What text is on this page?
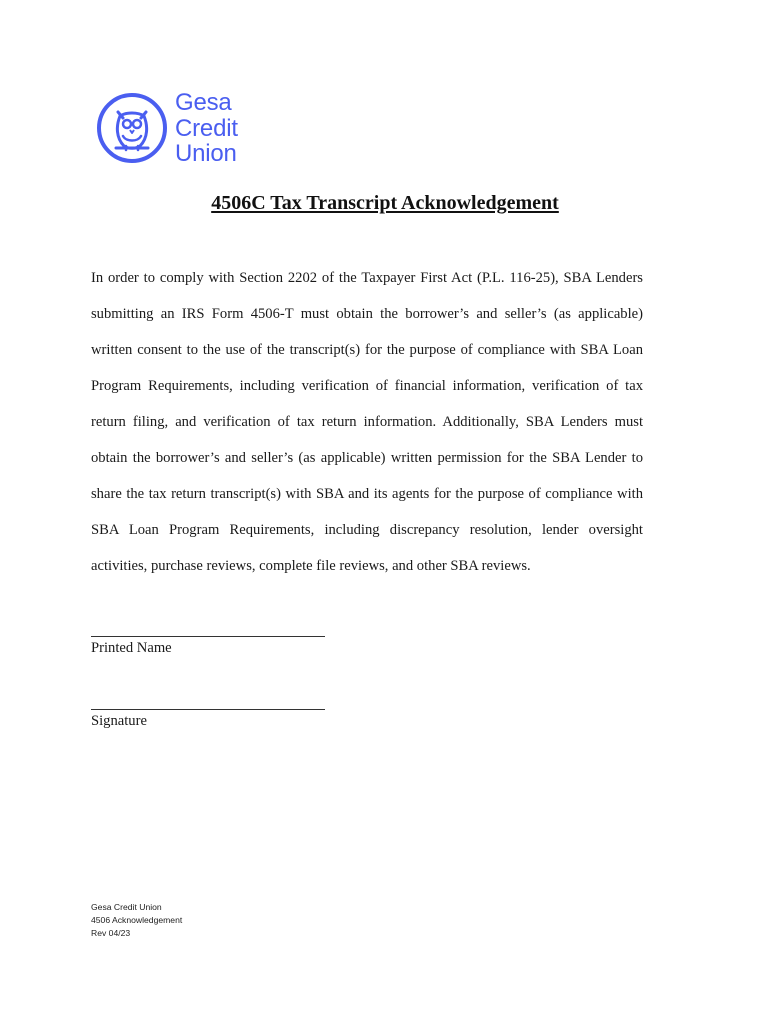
Gesa
Credit
Union
4506C Tax Transcript Acknowledgement
In order to comply with Section 2202 of the Taxpayer First Act (P.L. 116-25), SBA Lenders submitting an IRS Form 4506-T must obtain the borrower’s and seller’s (as applicable) written consent to the use of the transcript(s) for the purpose of compliance with SBA Loan Program Requirements, including verification of financial information, verification of tax return filing, and verification of tax return information. Additionally, SBA Lenders must obtain the borrower’s and seller’s (as applicable) written permission for the SBA Lender to share the tax return transcript(s) with SBA and its agents for the purpose of compliance with SBA Loan Program Requirements, including discrepancy resolution, lender oversight activities, purchase reviews, complete file reviews, and other SBA reviews.
Printed Name
Signature
Gesa Credit Union
4506 Acknowledgement
Rev 04/23
